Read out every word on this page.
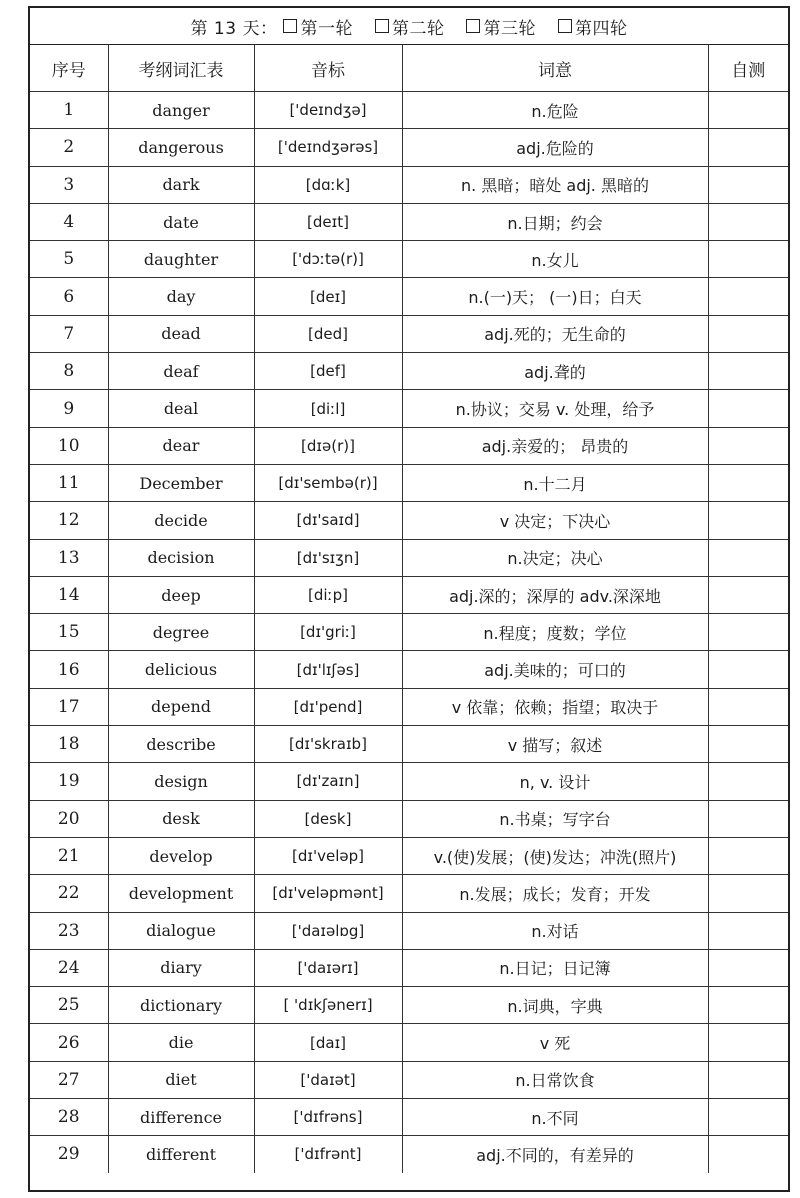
第 13 天： 第一轮 第二轮 第三轮 第四轮
序号	考纲词汇表	音标	词意	自测
1	danger	['deɪndʒə]	n.危险	
2	dangerous	['deɪndʒərəs]	adj.危险的	
3	dark	[dɑːk]	n. 黑暗；暗处 adj. 黑暗的	
4	date	[deɪt]	n.日期；约会	
5	daughter	['dɔːtə(r)]	n.女儿	
6	day	[deɪ]	n.(一)天； (一)日；白天	
7	dead	[ded]	adj.死的；无生命的	
8	deaf	[def]	adj.聋的	
9	deal	[diːl]	n.协议；交易 v. 处理，给予	
10	dear	[dɪə(r)]	adj.亲爱的； 昂贵的	
11	December	[dɪ'sembə(r)]	n.十二月	
12	decide	[dɪ'saɪd]	v 决定；下决心	
13	decision	[dɪ'sɪʒn]	n.决定；决心	
14	deep	[diːp]	adj.深的；深厚的 adv.深深地	
15	degree	[dɪ'griː]	n.程度；度数；学位	
16	delicious	[dɪ'lɪʃəs]	adj.美味的；可口的	
17	depend	[dɪ'pend]	v 依靠；依赖；指望；取决于	
18	describe	[dɪ'skraɪb]	v 描写；叙述	
19	design	[dɪ'zaɪn]	n, v. 设计	
20	desk	[desk]	n.书桌；写字台	
21	develop	[dɪ'veləp]	v.(使)发展；(使)发达；冲洗(照片)	
22	development	[dɪ'veləpmənt]	n.发展；成长；发育；开发	
23	dialogue	['daɪəlɒg]	n.对话	
24	diary	['daɪərɪ]	n.日记；日记簿	
25	dictionary	[ 'dɪkʃənerɪ]	n.词典，字典	
26	die	[daɪ]	v 死	
27	diet	['daɪət]	n.日常饮食	
28	difference	['dɪfrəns]	n.不同	
29	different	['dɪfrənt]	adj.不同的，有差异的	
